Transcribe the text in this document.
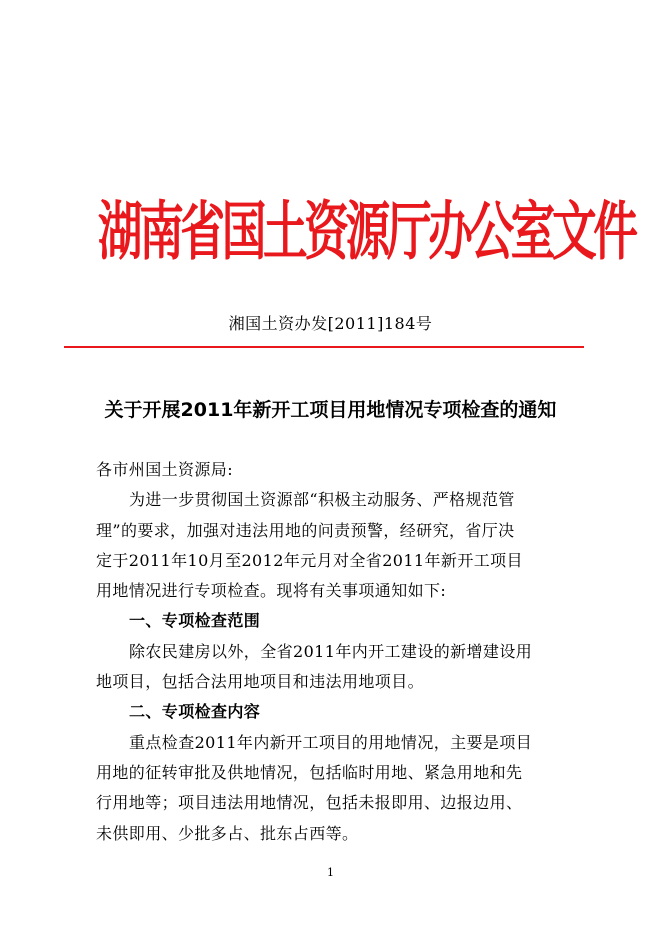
湖南省国土资源厅办公室文件
湘国土资办发[2011]184号
关于开展2011年新开工项目用地情况专项检查的通知

各市州国土资源局:

为进一步贯彻国土资源部“积极主动服务、严格规范管

理”的要求，加强对违法用地的问责预警，经研究，省厅决

定于2011年10月至2012年元月对全省2011年新开工项目

用地情况进行专项检查。现将有关事项通知如下:

一、专项检查范围

除农民建房以外，全省2011年内开工建设的新增建设用

地项目，包括合法用地项目和违法用地项目。

二、专项检查内容

重点检查2011年内新开工项目的用地情况，主要是项目

用地的征转审批及供地情况，包括临时用地、紧急用地和先

行用地等；项目违法用地情况，包括未报即用、边报边用、

未供即用、少批多占、批东占西等。

1
